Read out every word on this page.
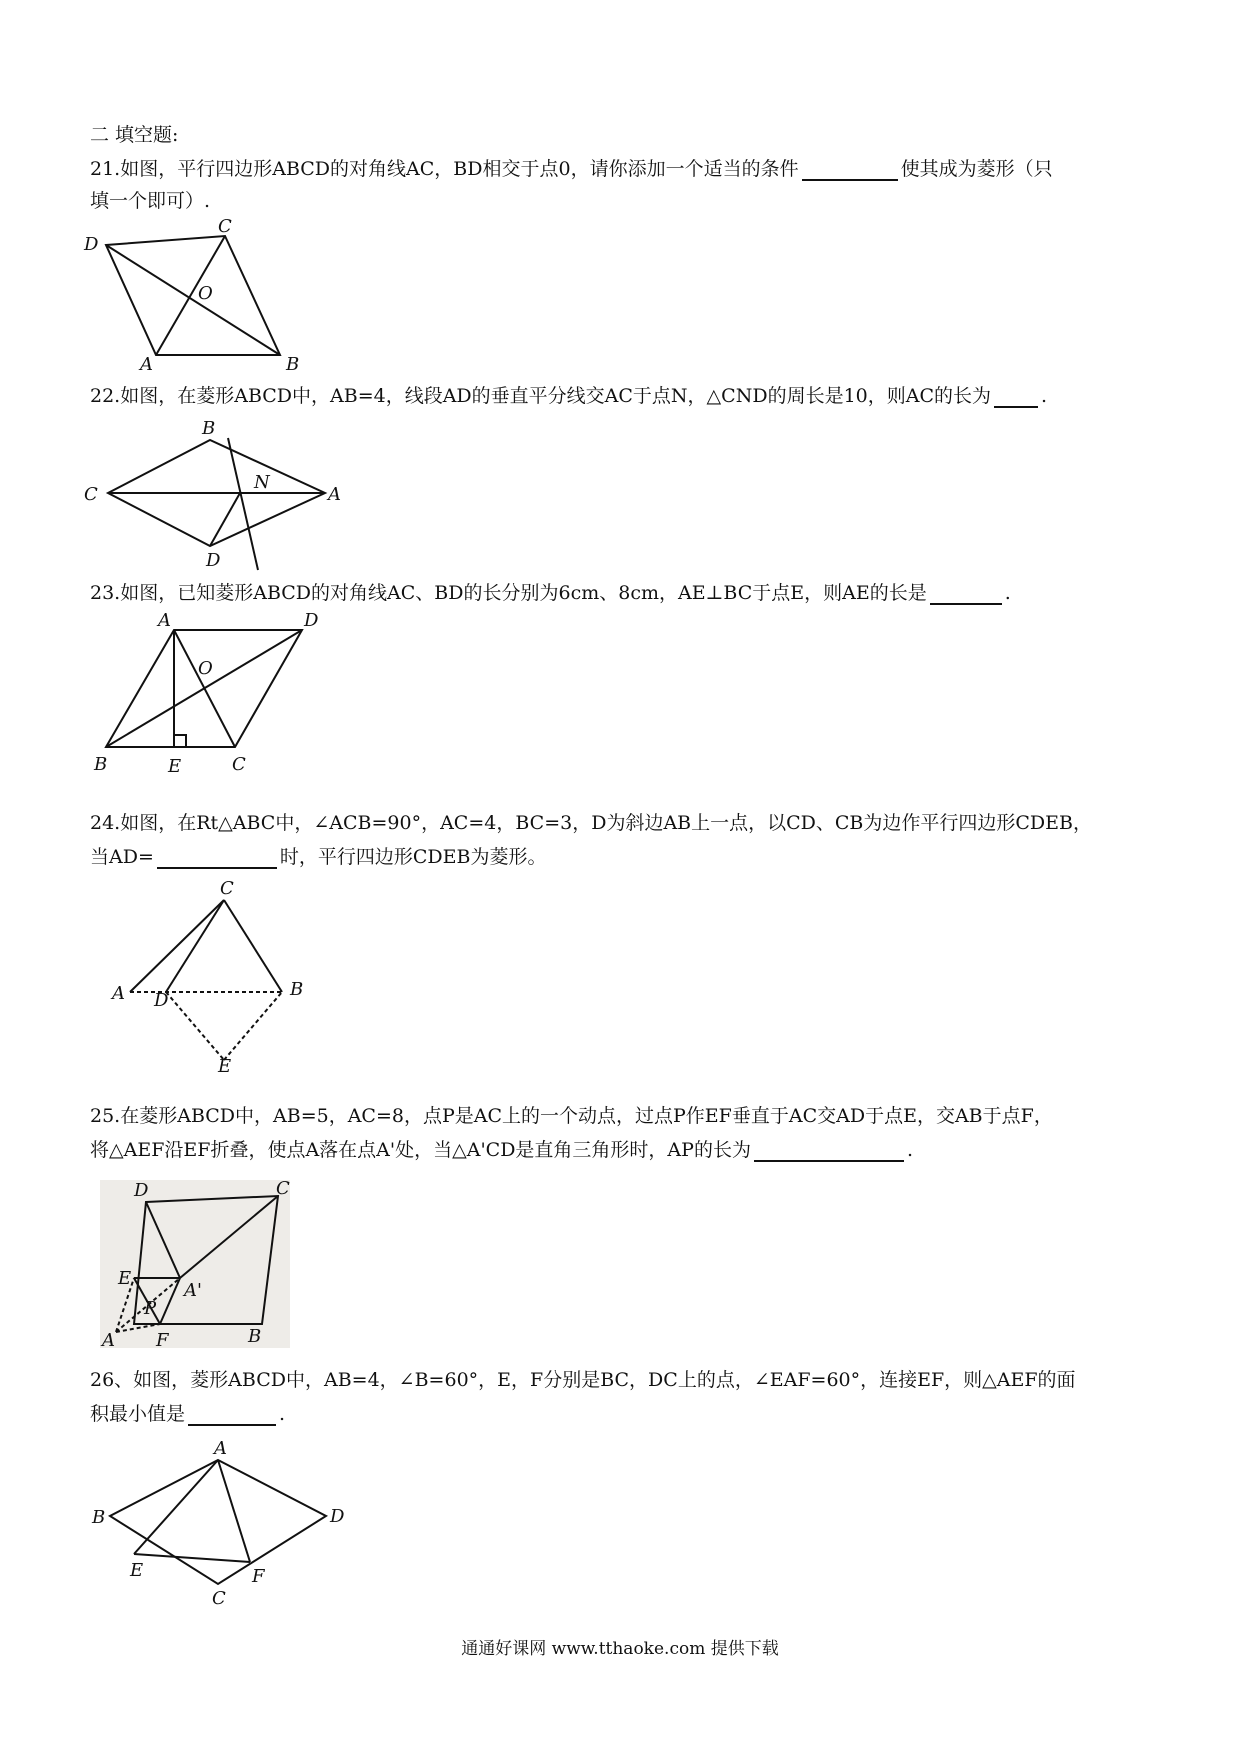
二 填空题:
21.如图，平行四边形ABCD的对角线AC，BD相交于点0，请你添加一个适当的条件	使其成为菱形（只
填一个即可）.
D
C
O
A	B
22.如图，在菱形ABCD中，AB=4，线段AD的垂直平分线交AC于点N，△CND的周长是10，则AC的长为	.
C
B
N
A
D
23.如图，已知菱形ABCD的对角线AC、BD的长分别为6cm、8cm，AE⊥BC于点E，则AE的长是	.
A	D
O
B	E	C
24.如图，在Rt△ABC中，∠ACB=90°，AC=4，BC=3，D为斜边AB上一点，以CD、CB为边作平行四边形CDEB，
当AD=	时，平行四边形CDEB为菱形。
C
A D
B
E
25.在菱形ABCD中，AB=5，AC=8，点P是AC上的一个动点，过点P作EF垂直于AC交AD于点E，交AB于点F，
将△AEF沿EF折叠，使点A落在点A'处，当△A'CD是直角三角形时，AP的长为	.
D	C
E
A'
P
A F	B
26、如图，菱形ABCD中，AB=4，∠B=60°，E，F分别是BC，DC上的点，∠EAF=60°，连接EF，则△AEF的面
积最小值是	.
A
B	D
E	F
C
通通好课网 www.tthaoke.com 提供下载
